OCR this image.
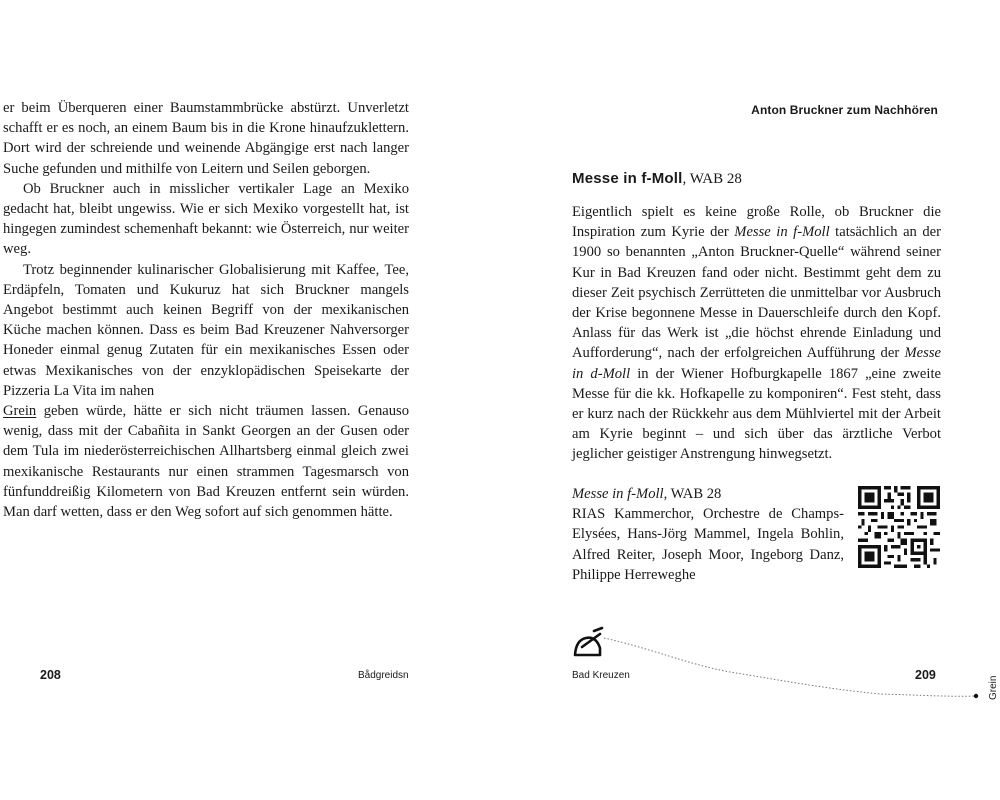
er beim Überqueren einer Baumstammbrücke abstürzt. Unverletzt schafft er es noch, an einem Baum bis in die Krone hinaufzuklettern. Dort wird der schreiende und weinende Abgängige erst nach langer Suche gefunden und mithilfe von Leitern und Seilen geborgen.

Ob Bruckner auch in misslicher vertikaler Lage an Mexiko gedacht hat, bleibt ungewiss. Wie er sich Mexiko vorgestellt hat, ist hingegen zumindest schemenhaft bekannt: wie Österreich, nur weiter weg.

Trotz beginnender kulinarischer Globalisierung mit Kaffee, Tee, Erdäpfeln, Tomaten und Kukuruz hat sich Bruckner mangels Angebot bestimmt auch keinen Begriff von der mexikanischen Küche machen können. Dass es beim Bad Kreuzener Nahversorger Honeder einmal genug Zutaten für ein mexikanisches Essen oder etwas Mexikanisches von der enzyklopädischen Speisekarte der Pizzeria La Vita im nahen

Grein geben würde, hätte er sich nicht träumen lassen. Genauso wenig, dass mit der Cabañita in Sankt Georgen an der Gusen oder dem Tula im niederösterreichischen Allhartsberg einmal gleich zwei mexikanische Restaurants nur einen strammen Tagesmarsch von fünfunddreißig Kilometern von Bad Kreuzen entfernt sein würden. Man darf wetten, dass er den Weg sofort auf sich genommen hätte.

208	Bådgreidsn
Anton Bruckner zum Nachhören
Messe in f-Moll, WAB 28

Eigentlich spielt es keine große Rolle, ob Bruckner die Inspiration zum Kyrie der Messe in f-Moll tatsächlich an der 1900 so benannten „Anton Bruckner-Quelle“ während seiner Kur in Bad Kreuzen fand oder nicht. Bestimmt geht dem zu dieser Zeit psychisch Zerrütteten die unmittelbar vor Ausbruch der Krise begonnene Messe in Dauerschleife durch den Kopf. Anlass für das Werk ist „die höchst ehrende Einladung und Aufforderung“, nach der erfolgreichen Aufführung der Messe in d-Moll in der Wiener Hofburgkapelle 1867 „eine zweite Messe für die kk. Hofkapelle zu komponiren“. Fest steht, dass er kurz nach der Rückkehr aus dem Mühlviertel mit der Arbeit am Kyrie beginnt – und sich über das ärztliche Verbot jeglicher geistiger Anstrengung hinwegsetzt.

Messe in f-Moll, WAB 28
RIAS Kammerchor, Orchestre de Champs-Elysées, Hans-Jörg Mammel, Ingela Bohlin, Alfred Reiter, Joseph Moor, Ingeborg Danz, Philippe Herreweghe
Bad Kreuzen	209
Grein
